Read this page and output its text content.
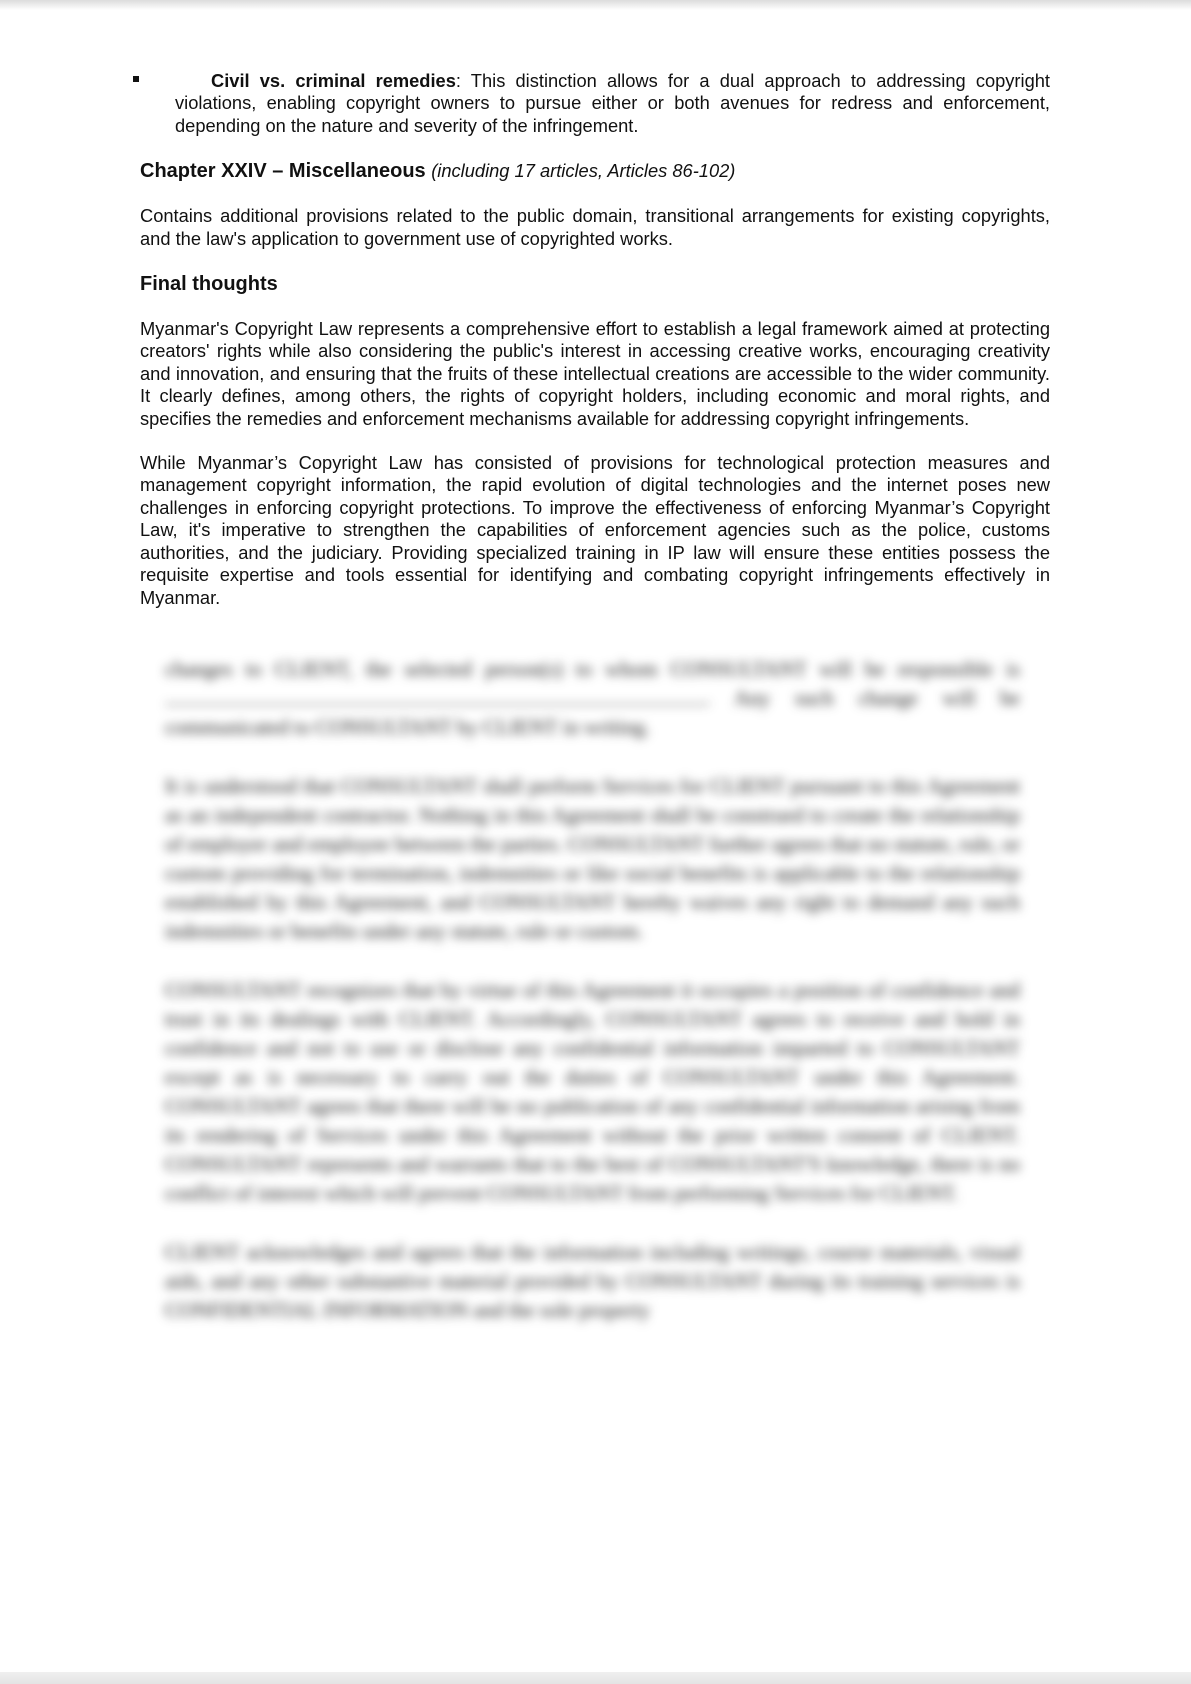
Civil vs. criminal remedies: This distinction allows for a dual approach to addressing copyright violations, enabling copyright owners to pursue either or both avenues for redress and enforcement, depending on the nature and severity of the infringement.
Chapter XXIV – Miscellaneous (including 17 articles, Articles 86-102)

Contains additional provisions related to the public domain, transitional arrangements for existing copyrights, and the law's application to government use of copyrighted works.

Final thoughts

Myanmar's Copyright Law represents a comprehensive effort to establish a legal framework aimed at protecting creators' rights while also considering the public's interest in accessing creative works, encouraging creativity and innovation, and ensuring that the fruits of these intellectual creations are accessible to the wider community. It clearly defines, among others, the rights of copyright holders, including economic and moral rights, and specifies the remedies and enforcement mechanisms available for addressing copyright infringements.

While Myanmar’s Copyright Law has consisted of provisions for technological protection measures and management copyright information, the rapid evolution of digital technologies and the internet poses new challenges in enforcing copyright protections. To improve the effectiveness of enforcing Myanmar’s Copyright Law, it's imperative to strengthen the capabilities of enforcement agencies such as the police, customs authorities, and the judiciary. Providing specialized training in IP law will ensure these entities possess the requisite expertise and tools essential for identifying and combating copyright infringements effectively in Myanmar.

changes to CLIENT, the selected person(s) to whom CONSULTANT will be responsible is . Any such change will be communicated to CONSULTANT by CLIENT in writing.

It is understood that CONSULTANT shall perform Services for CLIENT pursuant to this Agreement as an independent contractor. Nothing in this Agreement shall be construed to create the relationship of employer and employee between the parties. CONSULTANT further agrees that no statute, rule, or custom providing for termination, indemnities or like social benefits is applicable to the relationship established by this Agreement, and CONSULTANT hereby waives any right to demand any such indemnities or benefits under any statute, rule or custom.

CONSULTANT recognizes that by virtue of this Agreement it occupies a position of confidence and trust in its dealings with CLIENT. Accordingly, CONSULTANT agrees to receive and hold in confidence and not to use or disclose any confidential information imparted to CONSULTANT except as is necessary to carry out the duties of CONSULTANT under this Agreement. CONSULTANT agrees that there will be no publication of any confidential information arising from its rendering of Services under this Agreement without the prior written consent of CLIENT. CONSULTANT represents and warrants that to the best of CONSULTANT'S knowledge, there is no conflict of interest which will prevent CONSULTANT from performing Services for CLIENT.

CLIENT acknowledges and agrees that the information including writings, course materials, visual aids, and any other substantive material provided by CONSULTANT during its training services is CONFIDENTIAL INFORMATION and the sole property
